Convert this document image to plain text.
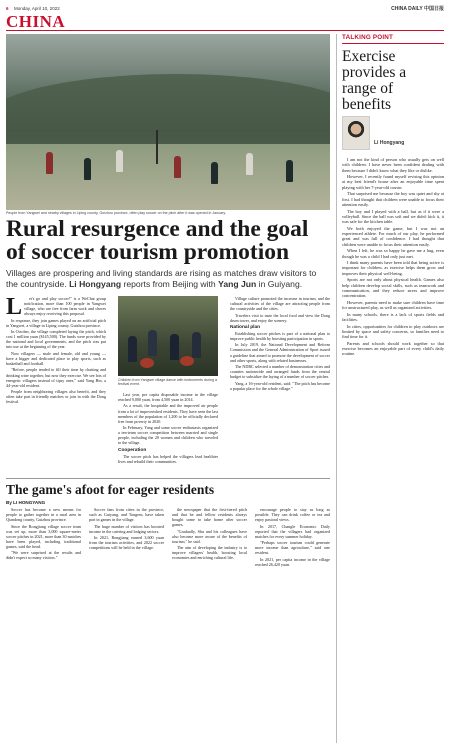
6 Monday, April 10, 2022	CHINA DAILY 中国日报
CHINA
People from Yangwei and nearby villages in Liping county, Guizhou province, often play soccer on the pitch after it was opened in January.
Rural resurgence and the goal of soccer tourism promotion
Villages are prospering and living standards are rising as matches draw visitors to the countryside. Li Hongyang reports from Beijing with Yang Jun in Guiyang.
L	et's go and play soccer!" is a WeChat group notification, more than 100 people in Yangwei village, who are free from farm work and chores always enjoy receiving this proposal.

In response, they join games played on an artificial pitch in Yangwei, a village in Liping county, Guizhou province.

In October, the village completed laying the pitch, which cost 1 million yuan ($145,500). The funds were provided by the national and local governments, and the pitch was put into use at the beginning of the year.

Now villagers — male and female, old and young — have a bigger and dedicated place to play sports, such as basketball and football.

"Before, people tended to fill their time by chatting and drinking wine together, but now they exercise. We see lots of energetic villagers instead of tipsy ones," said Yang Bin, a 44-year-old resident.

People from neighboring villages also benefit, and they often take part in friendly matches or join in with the Dong festival.

Village culture promoted the increase in tourism, and the cultural activities of the village are attracting people from the countryside and the cities.

Travelers visit to taste the local food and view the Dong drum tower, and enjoy the scenery.

National plan

Establishing soccer pitches is part of a national plan to improve public health by boosting participation in sports.

In July 2019, the National Development and Reform Commission and the General Administration of Sport issued a guideline that aimed to promote the development of soccer and other sports, along with related businesses.

The NDRC selected a number of demonstration cities and counties nationwide and arranged funds from the central budget to subsidize the laying of a number of soccer pitches.

Yang, a 16-year-old resident, said: "The pitch has become a popular place for the whole village."

Children from Yangwei village dance with instruments during a festival event.

Last year, per capita disposable income in the village reached 9,000 yuan, from 4,500 yuan in 2014.

As a result, the hospitable and the improved air people from a lot of impoverished residents. They have seen the last members of the population of 1,200 to be officially declared free from poverty in 2020.

In February, Yang and some soccer enthusiasts organized a ten-team soccer competition between married and single people, including the 20 women and children who traveled to the village.

Cooperation

The soccer pitch has helped the villagers lead healthier lives and rebuild their communities.

The game's afoot for eager residents
By LI HONGYANG

Soccer has become a new means for people to gather together in a rural area in Qiandong county, Guizhou province.

Since the Rongjiang village soccer team was set up, more than 3,000 square-meter soccer pitches in 2021, more than 30 matches have been played, including traditional games, said the head.

"We were surprised at the results and didn't expect so many visitors."

Soccer fans from cities in the province, such as Guiyang, and Tongren, have taken part in games in the village.

The huge number of visitors has boosted income in the catering and lodging sectors.

In 2021, Rongjiang earned 3,600 yuan from the tourism activities, and 2022 soccer competitions will be held in the village.

the newspaper that the first-tiered pitch and that he and fellow residents always bought some to take home after soccer games.

"Gradually, Shu and his colleagues have also become more aware of the benefits of tourism," he said.

The aim of developing the industry is to improve villagers' health, boosting local economies and enriching cultural life.

encourage people to stay as long as possible. They can drink coffee or tea and enjoy pastoral views.

In 2017, Changle Economic Daily reported that the villagers had organized matches for every summer holiday.

"Perhaps soccer tourism could generate more income than agriculture," said one resident.

In 2021, per capita income in the village reached 26,420 yuan.

TALKING POINT
Exercise provides a range of benefits
Li Hongyang

I am not the kind of person who usually gets on well with children. I have never been confident dealing with them because I didn't know what they like or dislike.

However, I recently found myself revising this opinion at my best friend's house after an enjoyable time spent playing with her 7-year-old cousin.

That surprised me because the boy was quiet and shy at first. I had thought that children were unable to focus their attention easily.

The boy and I played with a ball, but as if it were a volleyball. Since the ball was soft and we didn't kick it, it was safe for the kitchen table.

We both enjoyed the game, but I was not an experienced athlete. For much of our play, he performed great and was full of confidence. I had thought that children were unable to focus their attention easily.

When I left, he was so happy he gave me a hug, even though he was a child I had only just met.

I think many parents have been told that being active is important for children, as exercise helps them grow and improves their physical well-being.

Sports are not only about physical health. Games also help children develop social skills, such as teamwork and communication, and they reduce stress and improve concentration.

However, parents need to make sure children have time for unstructured play, as well as organized activities.

In many schools, there is a lack of sports fields and facilities.

In cities, opportunities for children to play outdoors are limited by space and safety concerns, so families need to find time for it.

Parents and schools should work together so that exercise becomes an enjoyable part of every child's daily routine.
